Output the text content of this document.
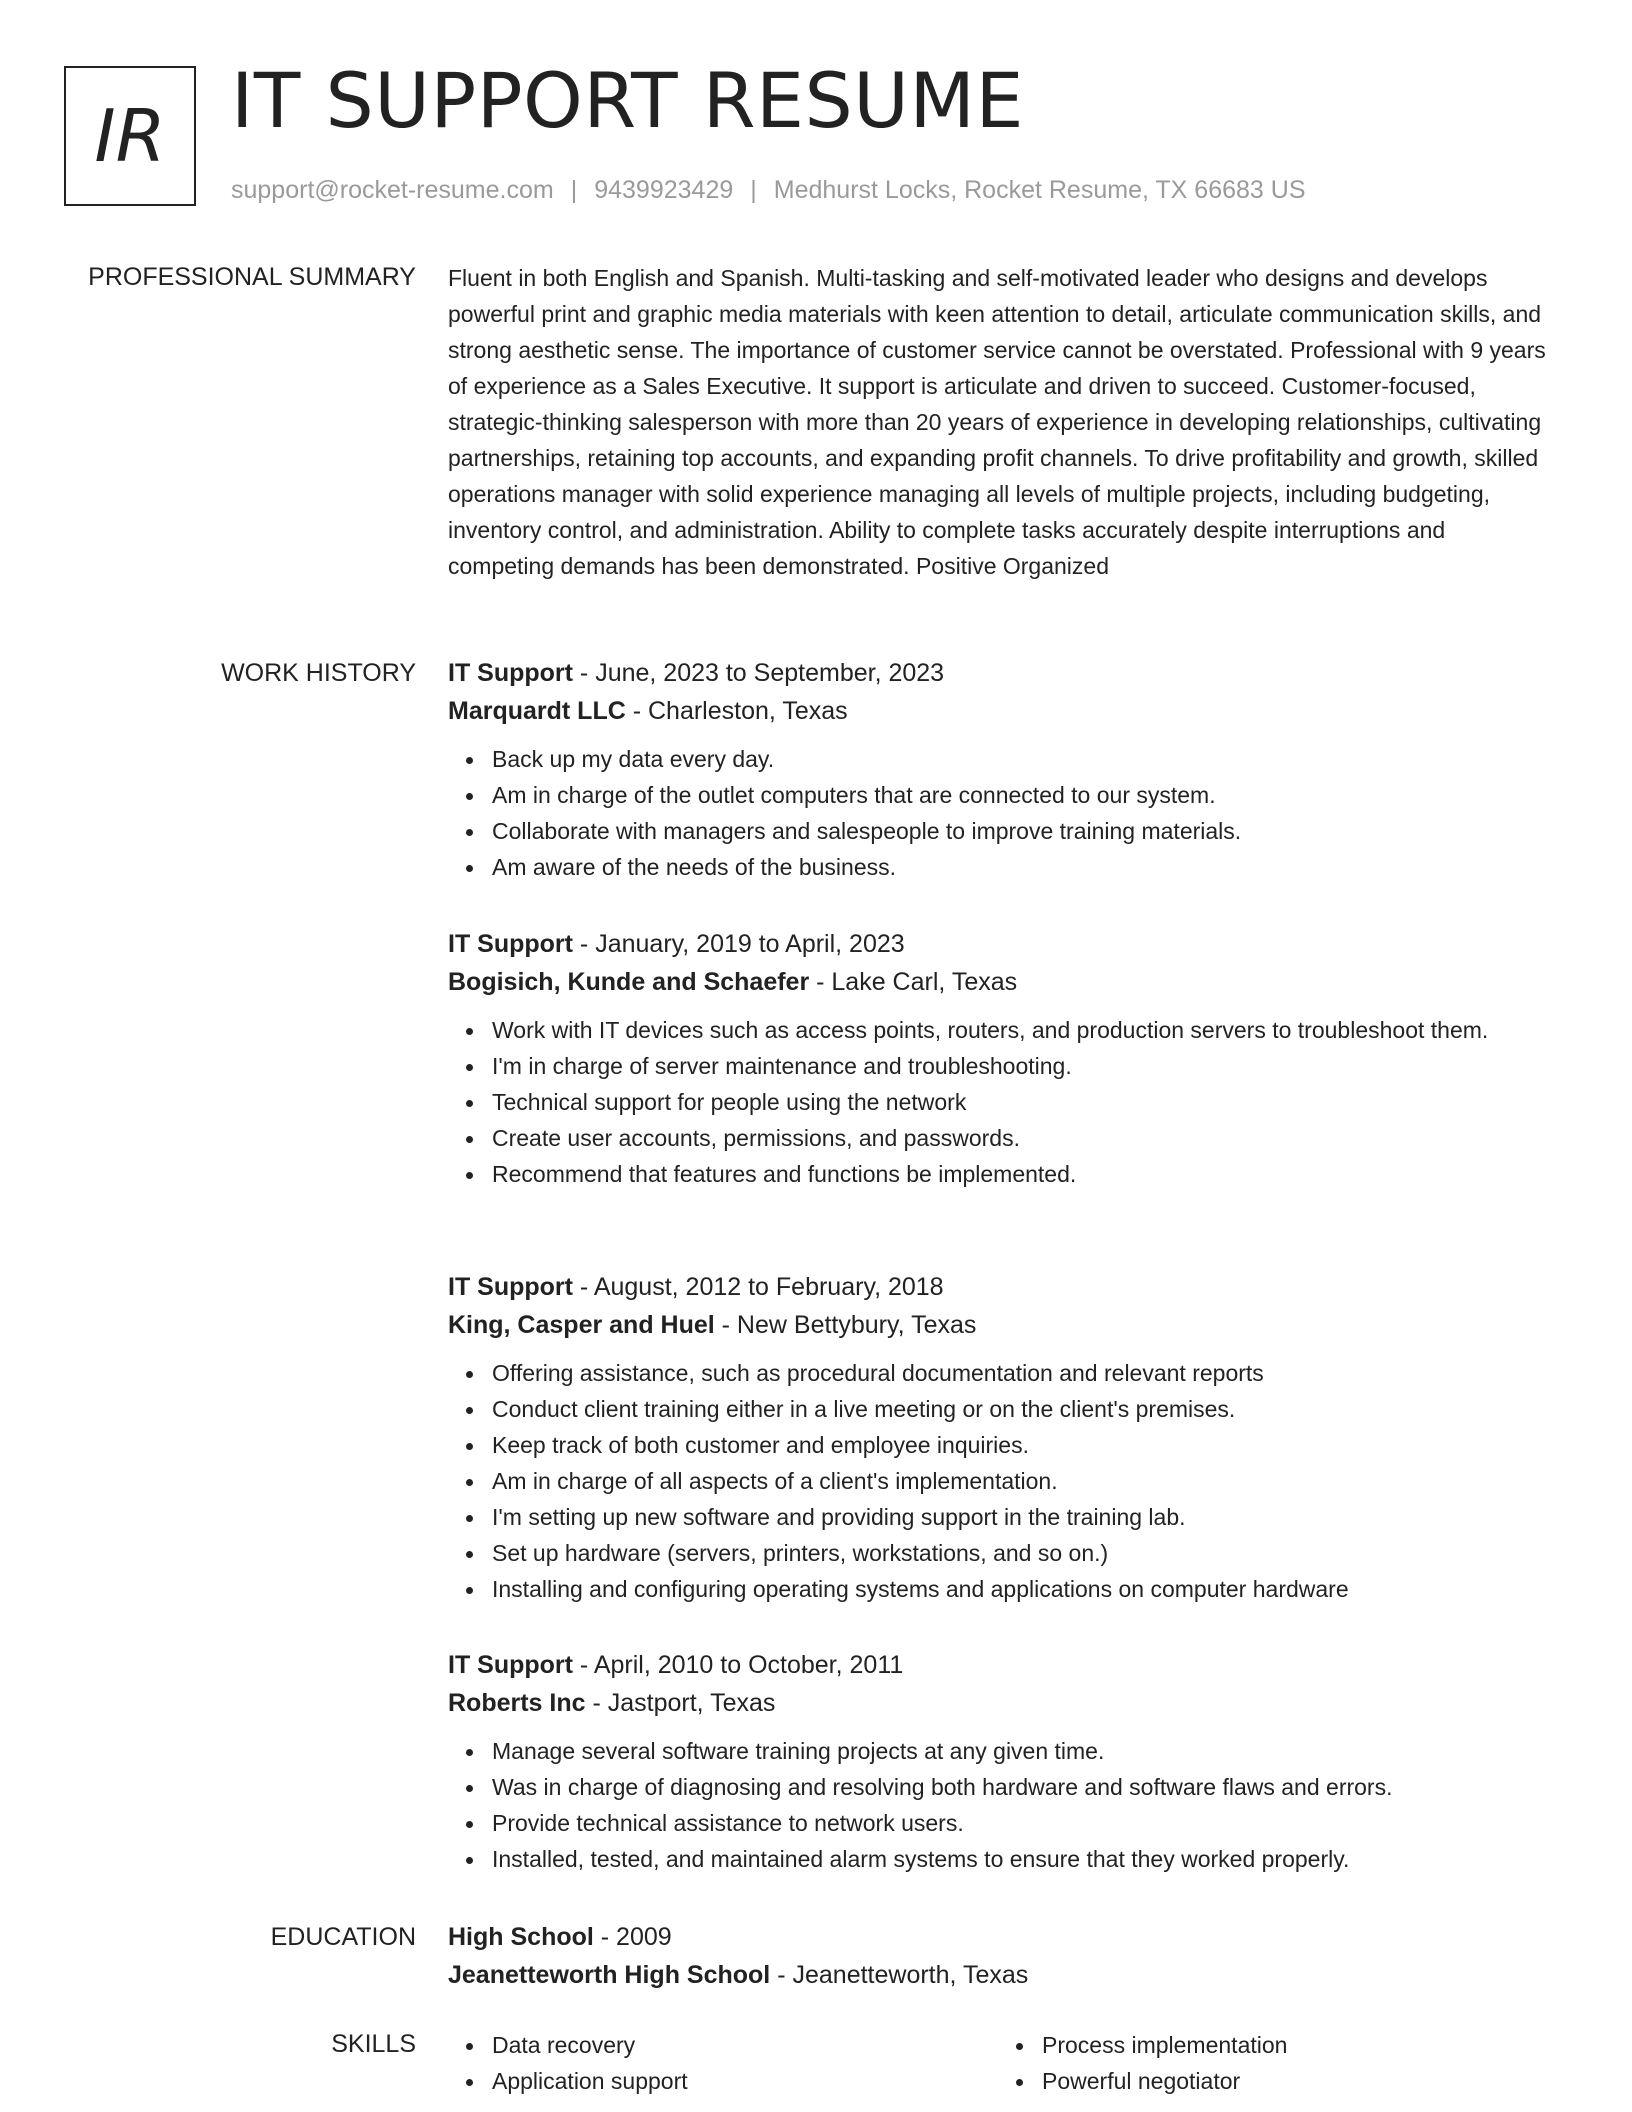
IR IT SUPPORT RESUME
support@rocket-resume.com | 9439923429 | Medhurst Locks, Rocket Resume, TX 66683 US
PROFESSIONAL SUMMARY Fluent in both English and Spanish. Multi-tasking and self-motivated leader who designs and develops powerful print and graphic media materials with keen attention to detail, articulate communication skills, and strong aesthetic sense. The importance of customer service cannot be overstated. Professional with 9 years of experience as a Sales Executive. It support is articulate and driven to succeed. Customer-focused, strategic-thinking salesperson with more than 20 years of experience in developing relationships, cultivating partnerships, retaining top accounts, and expanding profit channels. To drive profitability and growth, skilled operations manager with solid experience managing all levels of multiple projects, including budgeting, inventory control, and administration. Ability to complete tasks accurately despite interruptions and competing demands has been demonstrated. Positive Organized

WORK HISTORY IT Support - June, 2023 to September, 2023
Marquardt LLC - Charleston, Texas
Back up my data every day.
Am in charge of the outlet computers that are connected to our system.
Collaborate with managers and salespeople to improve training materials.
Am aware of the needs of the business.
IT Support - January, 2019 to April, 2023
Bogisich, Kunde and Schaefer - Lake Carl, Texas
Work with IT devices such as access points, routers, and production servers to troubleshoot them.
I'm in charge of server maintenance and troubleshooting.
Technical support for people using the network
Create user accounts, permissions, and passwords.
Recommend that features and functions be implemented.
IT Support - August, 2012 to February, 2018
King, Casper and Huel - New Bettybury, Texas
Offering assistance, such as procedural documentation and relevant reports
Conduct client training either in a live meeting or on the client's premises.
Keep track of both customer and employee inquiries.
Am in charge of all aspects of a client's implementation.
I'm setting up new software and providing support in the training lab.
Set up hardware (servers, printers, workstations, and so on.)
Installing and configuring operating systems and applications on computer hardware
IT Support - April, 2010 to October, 2011
Roberts Inc - Jastport, Texas
Manage several software training projects at any given time.
Was in charge of diagnosing and resolving both hardware and software flaws and errors.
Provide technical assistance to network users.
Installed, tested, and maintained alarm systems to ensure that they worked properly.
EDUCATION High School - 2009
Jeanetteworth High School - Jeanetteworth, Texas
SKILLS	Data recovery
Application support
Process implementation
Powerful negotiator
